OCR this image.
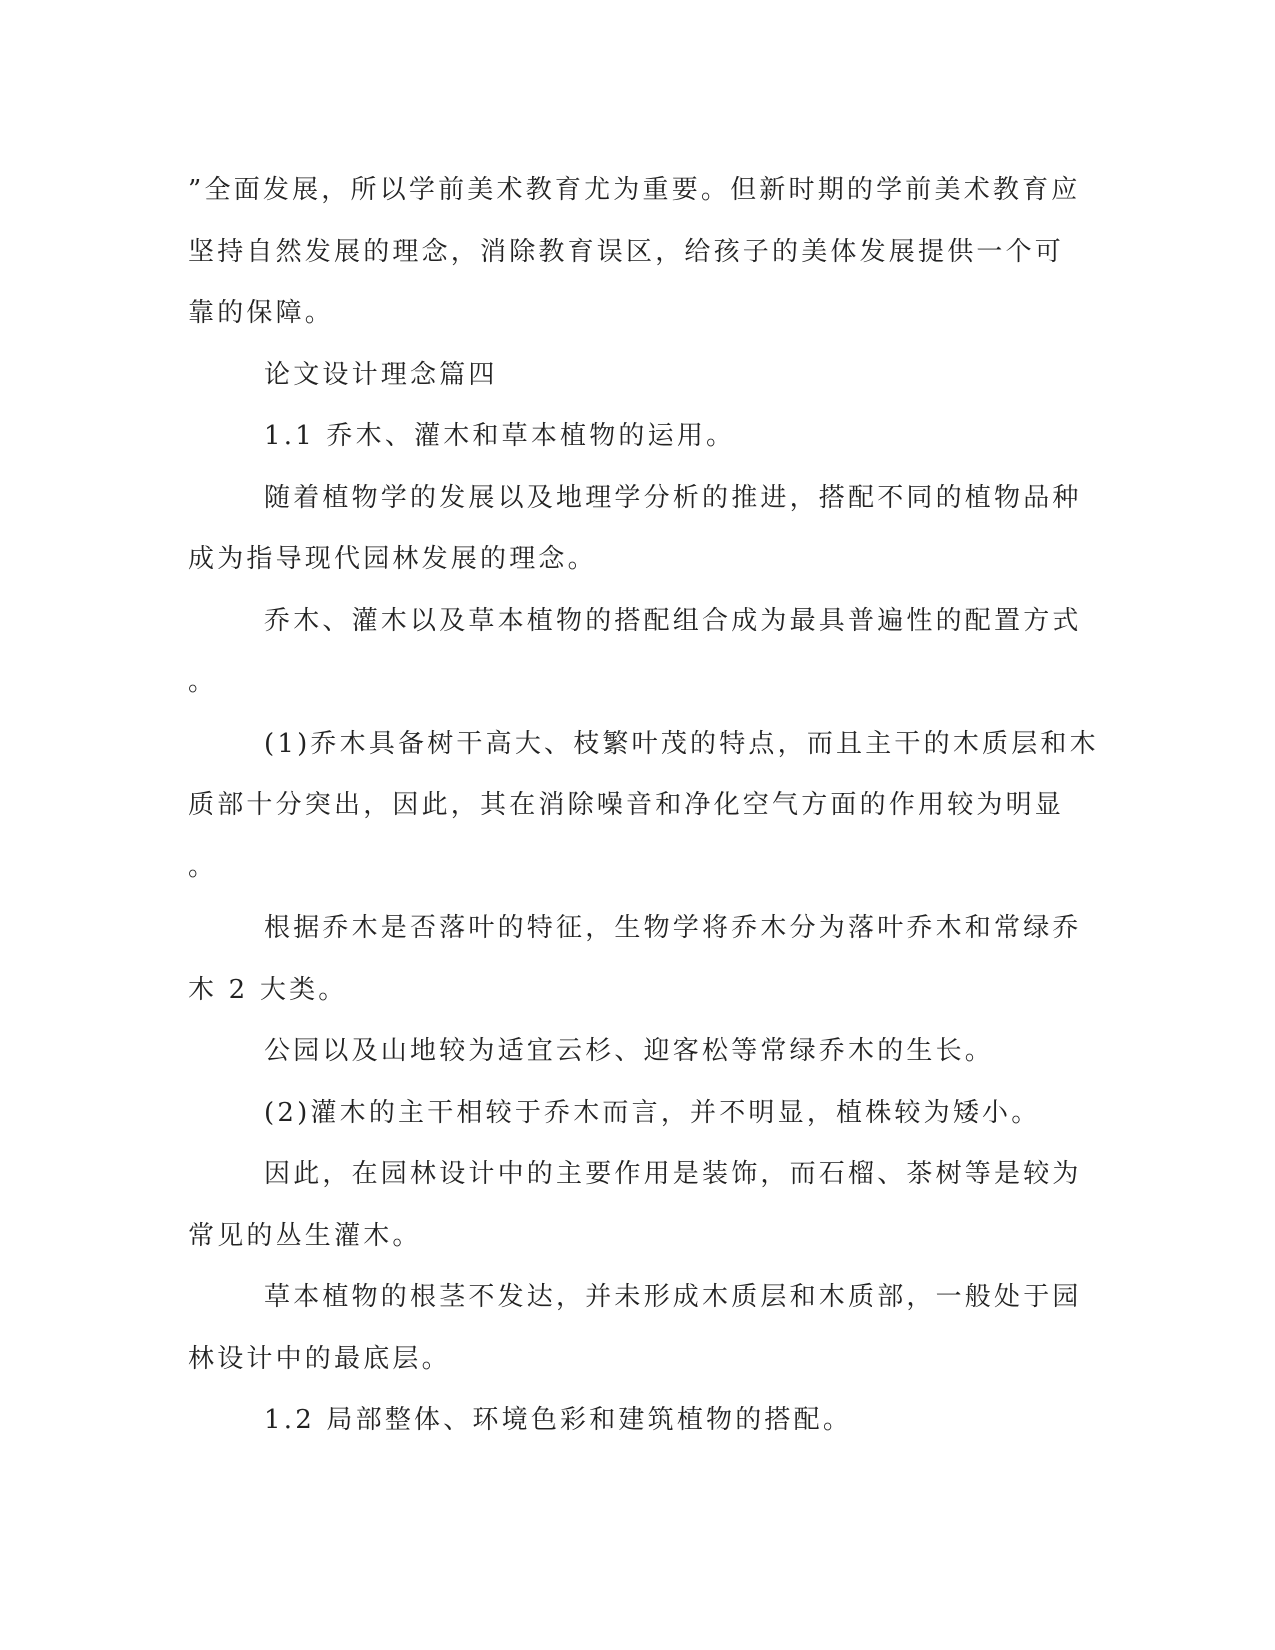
”全面发展，所以学前美术教育尤为重要。但新时期的学前美术教育应

坚持自然发展的理念，消除教育误区，给孩子的美体发展提供一个可

靠的保障。

论文设计理念篇四

1.1 乔木、灌木和草本植物的运用。

随着植物学的发展以及地理学分析的推进，搭配不同的植物品种

成为指导现代园林发展的理念。

乔木、灌木以及草本植物的搭配组合成为最具普遍性的配置方式

。

(1)乔木具备树干高大、枝繁叶茂的特点，而且主干的木质层和木

质部十分突出，因此，其在消除噪音和净化空气方面的作用较为明显

。

根据乔木是否落叶的特征，生物学将乔木分为落叶乔木和常绿乔

木 2 大类。

公园以及山地较为适宜云杉、迎客松等常绿乔木的生长。

(2)灌木的主干相较于乔木而言，并不明显，植株较为矮小。

因此，在园林设计中的主要作用是装饰，而石榴、茶树等是较为

常见的丛生灌木。

草本植物的根茎不发达，并未形成木质层和木质部，一般处于园

林设计中的最底层。

1.2 局部整体、环境色彩和建筑植物的搭配。
